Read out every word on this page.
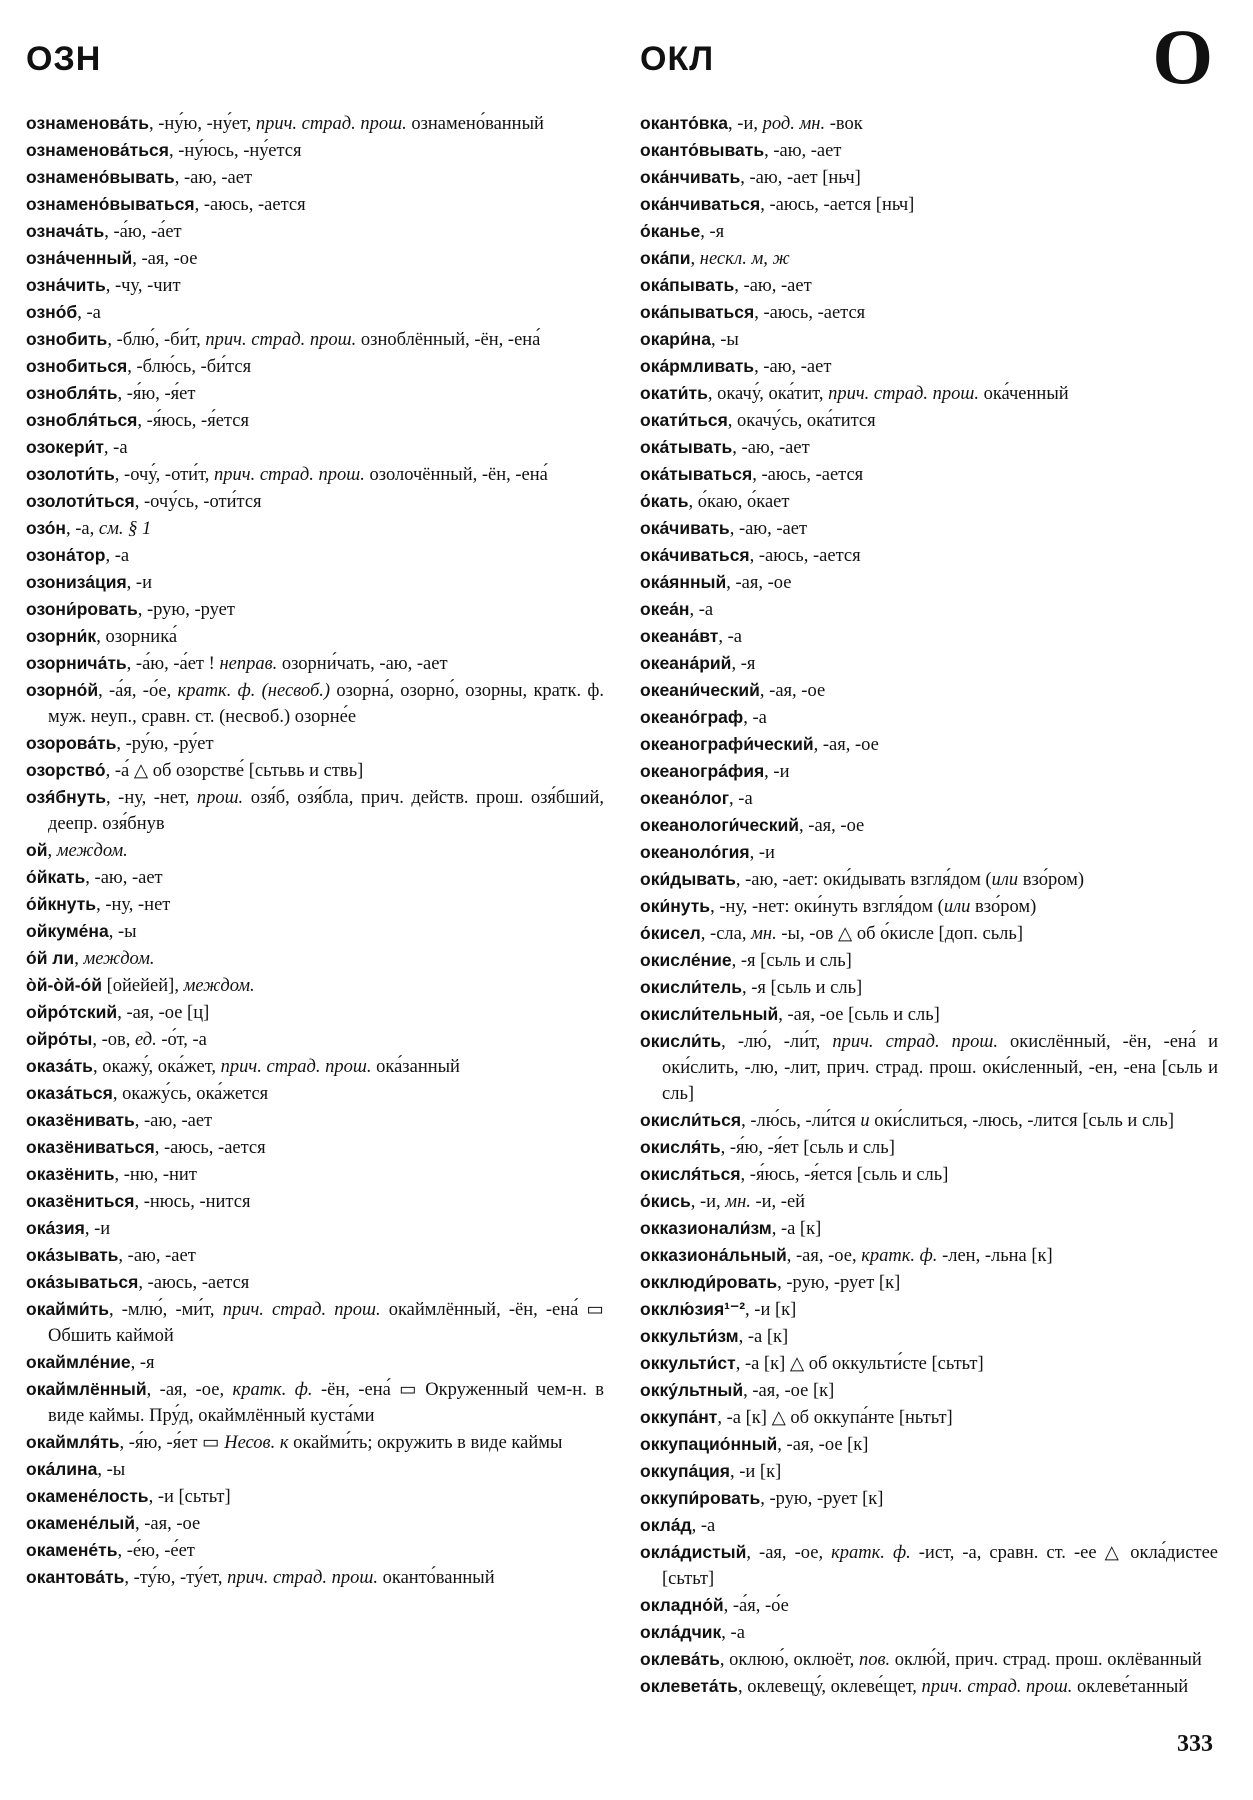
ОЗН	ОКЛ	О

ознаменова́ть, -ну́ю, -ну́ет, прич. страд. прош. ознамено́ванный

ознаменова́ться, -ну́юсь, -ну́ется

ознамено́вывать, -аю, -ает

ознамено́вываться, -аюсь, -ается

означа́ть, -а́ю, -а́ет

озна́ченный, -ая, -ое

озна́чить, -чу, -чит

озно́б, -а

ознобить, -блю́, -би́т, прич. страд. прош. озноблённый, -ён, -ена́

ознобиться, -блю́сь, -би́тся

ознобля́ть, -я́ю, -я́ет

ознобля́ться, -я́юсь, -я́ется

озокери́т, -а

озолоти́ть, -очу́, -оти́т, прич. страд. прош. озолочённый, -ён, -ена́

озолоти́ться, -очу́сь, -оти́тся

озо́н, -а, см. § 1

озона́тор, -а

озониза́ция, -и

озони́ровать, -рую, -рует

озорни́к, озорника́

озорнича́ть, -а́ю, -а́ет ! неправ. озорни́чать, -аю, -ает

озорно́й, -а́я, -о́е, кратк. ф. (несвоб.) озорна́, озорно́, озорны, кратк. ф. муж. неуп., сравн. ст. (несвоб.) озорне́е

озорова́ть, -ру́ю, -ру́ет

озорство́, -а́ △ об озорстве́ [сьтьвь и ствь]

озя́бнуть, -ну, -нет, прош. озя́б, озя́бла, прич. действ. прош. озя́бший, деепр. озя́бнув

ой, междом.

о́йкать, -аю, -ает

о́йкнуть, -ну, -нет

ойкуме́на, -ы

о́й ли, междом.

о̀й-о̀й-о́й [ойейей], междом.

ойро́тский, -ая, -ое [ц]

ойро́ты, -ов, ед. -о́т, -а

оказа́ть, окажу́, ока́жет, прич. страд. прош. ока́занный

оказа́ться, окажу́сь, ока́жется

оказёнивать, -аю, -ает

оказёниваться, -аюсь, -ается

оказёнить, -ню, -нит

оказёниться, -нюсь, -нится

ока́зия, -и

ока́зывать, -аю, -ает

ока́зываться, -аюсь, -ается

окайми́ть, -млю́, -ми́т, прич. страд. прош. окаймлённый, -ён, -ена́ ▭ Обшить каймой

окаймле́ние, -я

окаймлённый, -ая, -ое, кратк. ф. -ён, -ена́ ▭ Окруженный чем-н. в виде каймы. Пру́д, окаймлённый куста́ми

окаймля́ть, -я́ю, -я́ет ▭ Несов. к окайми́ть; окружить в виде каймы

ока́лина, -ы

окамене́лость, -и [сьтьт]

окамене́лый, -ая, -ое

окамене́ть, -е́ю, -е́ет

окантова́ть, -ту́ю, -ту́ет, прич. страд. прош. оканто́ванный

оканто́вка, -и, род. мн. -вок

оканто́вывать, -аю, -ает

ока́нчивать, -аю, -ает [ньч]

ока́нчиваться, -аюсь, -ается [ньч]

о́канье, -я

ока́пи, нескл. м, ж

ока́пывать, -аю, -ает

ока́пываться, -аюсь, -ается

окари́на, -ы

ока́рмливать, -аю, -ает

окати́ть, окачу́, ока́тит, прич. страд. прош. ока́ченный

окати́ться, окачу́сь, ока́тится

ока́тывать, -аю, -ает

ока́тываться, -аюсь, -ается

о́кать, о́каю, о́кает

ока́чивать, -аю, -ает

ока́чиваться, -аюсь, -ается

ока́янный, -ая, -ое

океа́н, -а

океана́вт, -а

океана́рий, -я

океани́ческий, -ая, -ое

океано́граф, -а

океанографи́ческий, -ая, -ое

океаногра́фия, -и

океано́лог, -а

океанологи́ческий, -ая, -ое

океаноло́гия, -и

оки́дывать, -аю, -ает: оки́дывать взгля́дом (или взо́ром)

оки́нуть, -ну, -нет: оки́нуть взгля́дом (или взо́ром)

о́кисел, -сла, мн. -ы, -ов △ об о́кисле [доп. сьль]

окисле́ние, -я [сьль и сль]

окисли́тель, -я [сьль и сль]

окисли́тельный, -ая, -ое [сьль и сль]

окисли́ть, -лю́, -ли́т, прич. страд. прош. окислённый, -ён, -ена́ и оки́слить, -лю, -лит, прич. страд. прош. оки́сленный, -ен, -ена [сьль и сль]

окисли́ться, -лю́сь, -ли́тся и оки́слиться, -люсь, -лится [сьль и сль]

окисля́ть, -я́ю, -я́ет [сьль и сль]

окисля́ться, -я́юсь, -я́ется [сьль и сль]

о́кись, -и, мн. -и, -ей

окказионали́зм, -а [к]

окказиона́льный, -ая, -ое, кратк. ф. -лен, -льна [к]

окклюди́ровать, -рую, -рует [к]

окклю́зия¹⁻², -и [к]

оккульти́зм, -а [к]

оккульти́ст, -а [к] △ об оккульти́сте [сьтьт]

окку́льтный, -ая, -ое [к]

оккупа́нт, -а [к] △ об оккупа́нте [ньтьт]

оккупацио́нный, -ая, -ое [к]

оккупа́ция, -и [к]

оккупи́ровать, -рую, -рует [к]

окла́д, -а

окла́дистый, -ая, -ое, кратк. ф. -ист, -а, сравн. ст. -ее △ окла́дистее [сьтьт]

окладно́й, -а́я, -о́е

окла́дчик, -а

оклева́ть, оклюю́, оклюёт, пов. оклю́й, прич. страд. прош. оклёванный

оклевета́ть, оклевещу́, оклеве́щет, прич. страд. прош. оклеве́танный

333
